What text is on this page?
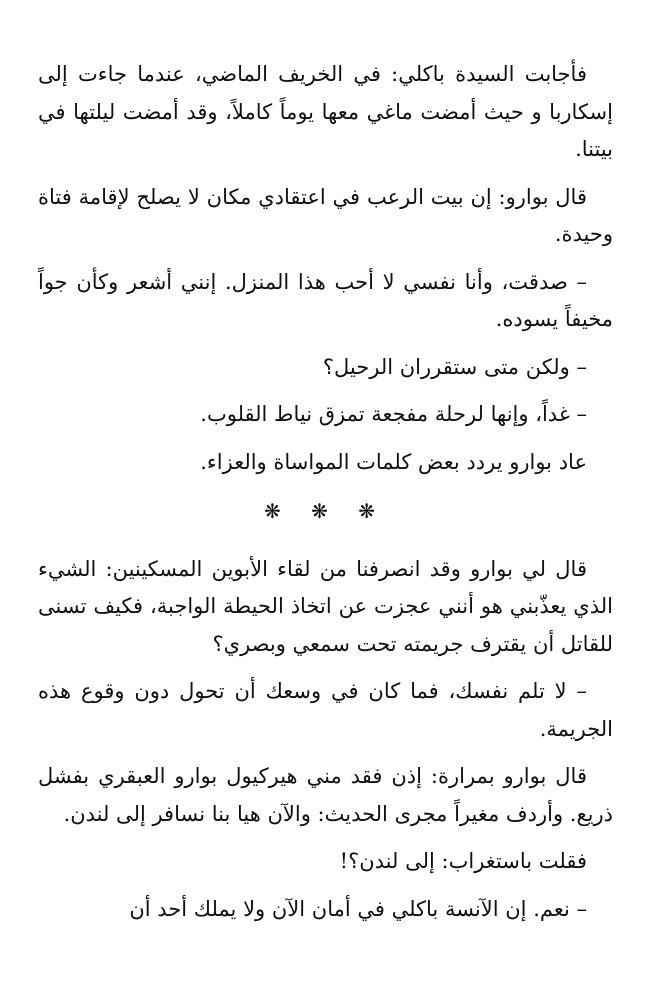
فأجابت السيدة باكلي: في الخريف الماضي، عندما جاءت إلى إسكاربا و حيث أمضت ماغي معها يوماً كاملاً، وقد أمضت ليلتها في بيتنا.

قال بوارو: إن بيت الرعب في اعتقادي مكان لا يصلح لإقامة فتاة وحيدة.

– صدقت، وأنا نفسي لا أحب هذا المنزل. إنني أشعر وكأن جواً مخيفاً يسوده.

– ولكن متى ستقرران الرحيل؟

– غداً، وإنها لرحلة مفجعة تمزق نياط القلوب.

عاد بوارو يردد بعض كلمات المواساة والعزاء.

❋ ❋ ❋

قال لي بوارو وقد انصرفنا من لقاء الأبوين المسكينين: الشيء الذي يعذّبني هو أنني عجزت عن اتخاذ الحيطة الواجبة، فكيف تسنى للقاتل أن يقترف جريمته تحت سمعي وبصري؟

– لا تلم نفسك، فما كان في وسعك أن تحول دون وقوع هذه الجريمة.

قال بوارو بمرارة: إذن فقد مني هيركيول بوارو العبقري بفشل ذريع. وأردف مغيراً مجرى الحديث: والآن هيا بنا نسافر إلى لندن.

فقلت باستغراب: إلى لندن؟!

– نعم. إن الآنسة باكلي في أمان الآن ولا يملك أحد أن
